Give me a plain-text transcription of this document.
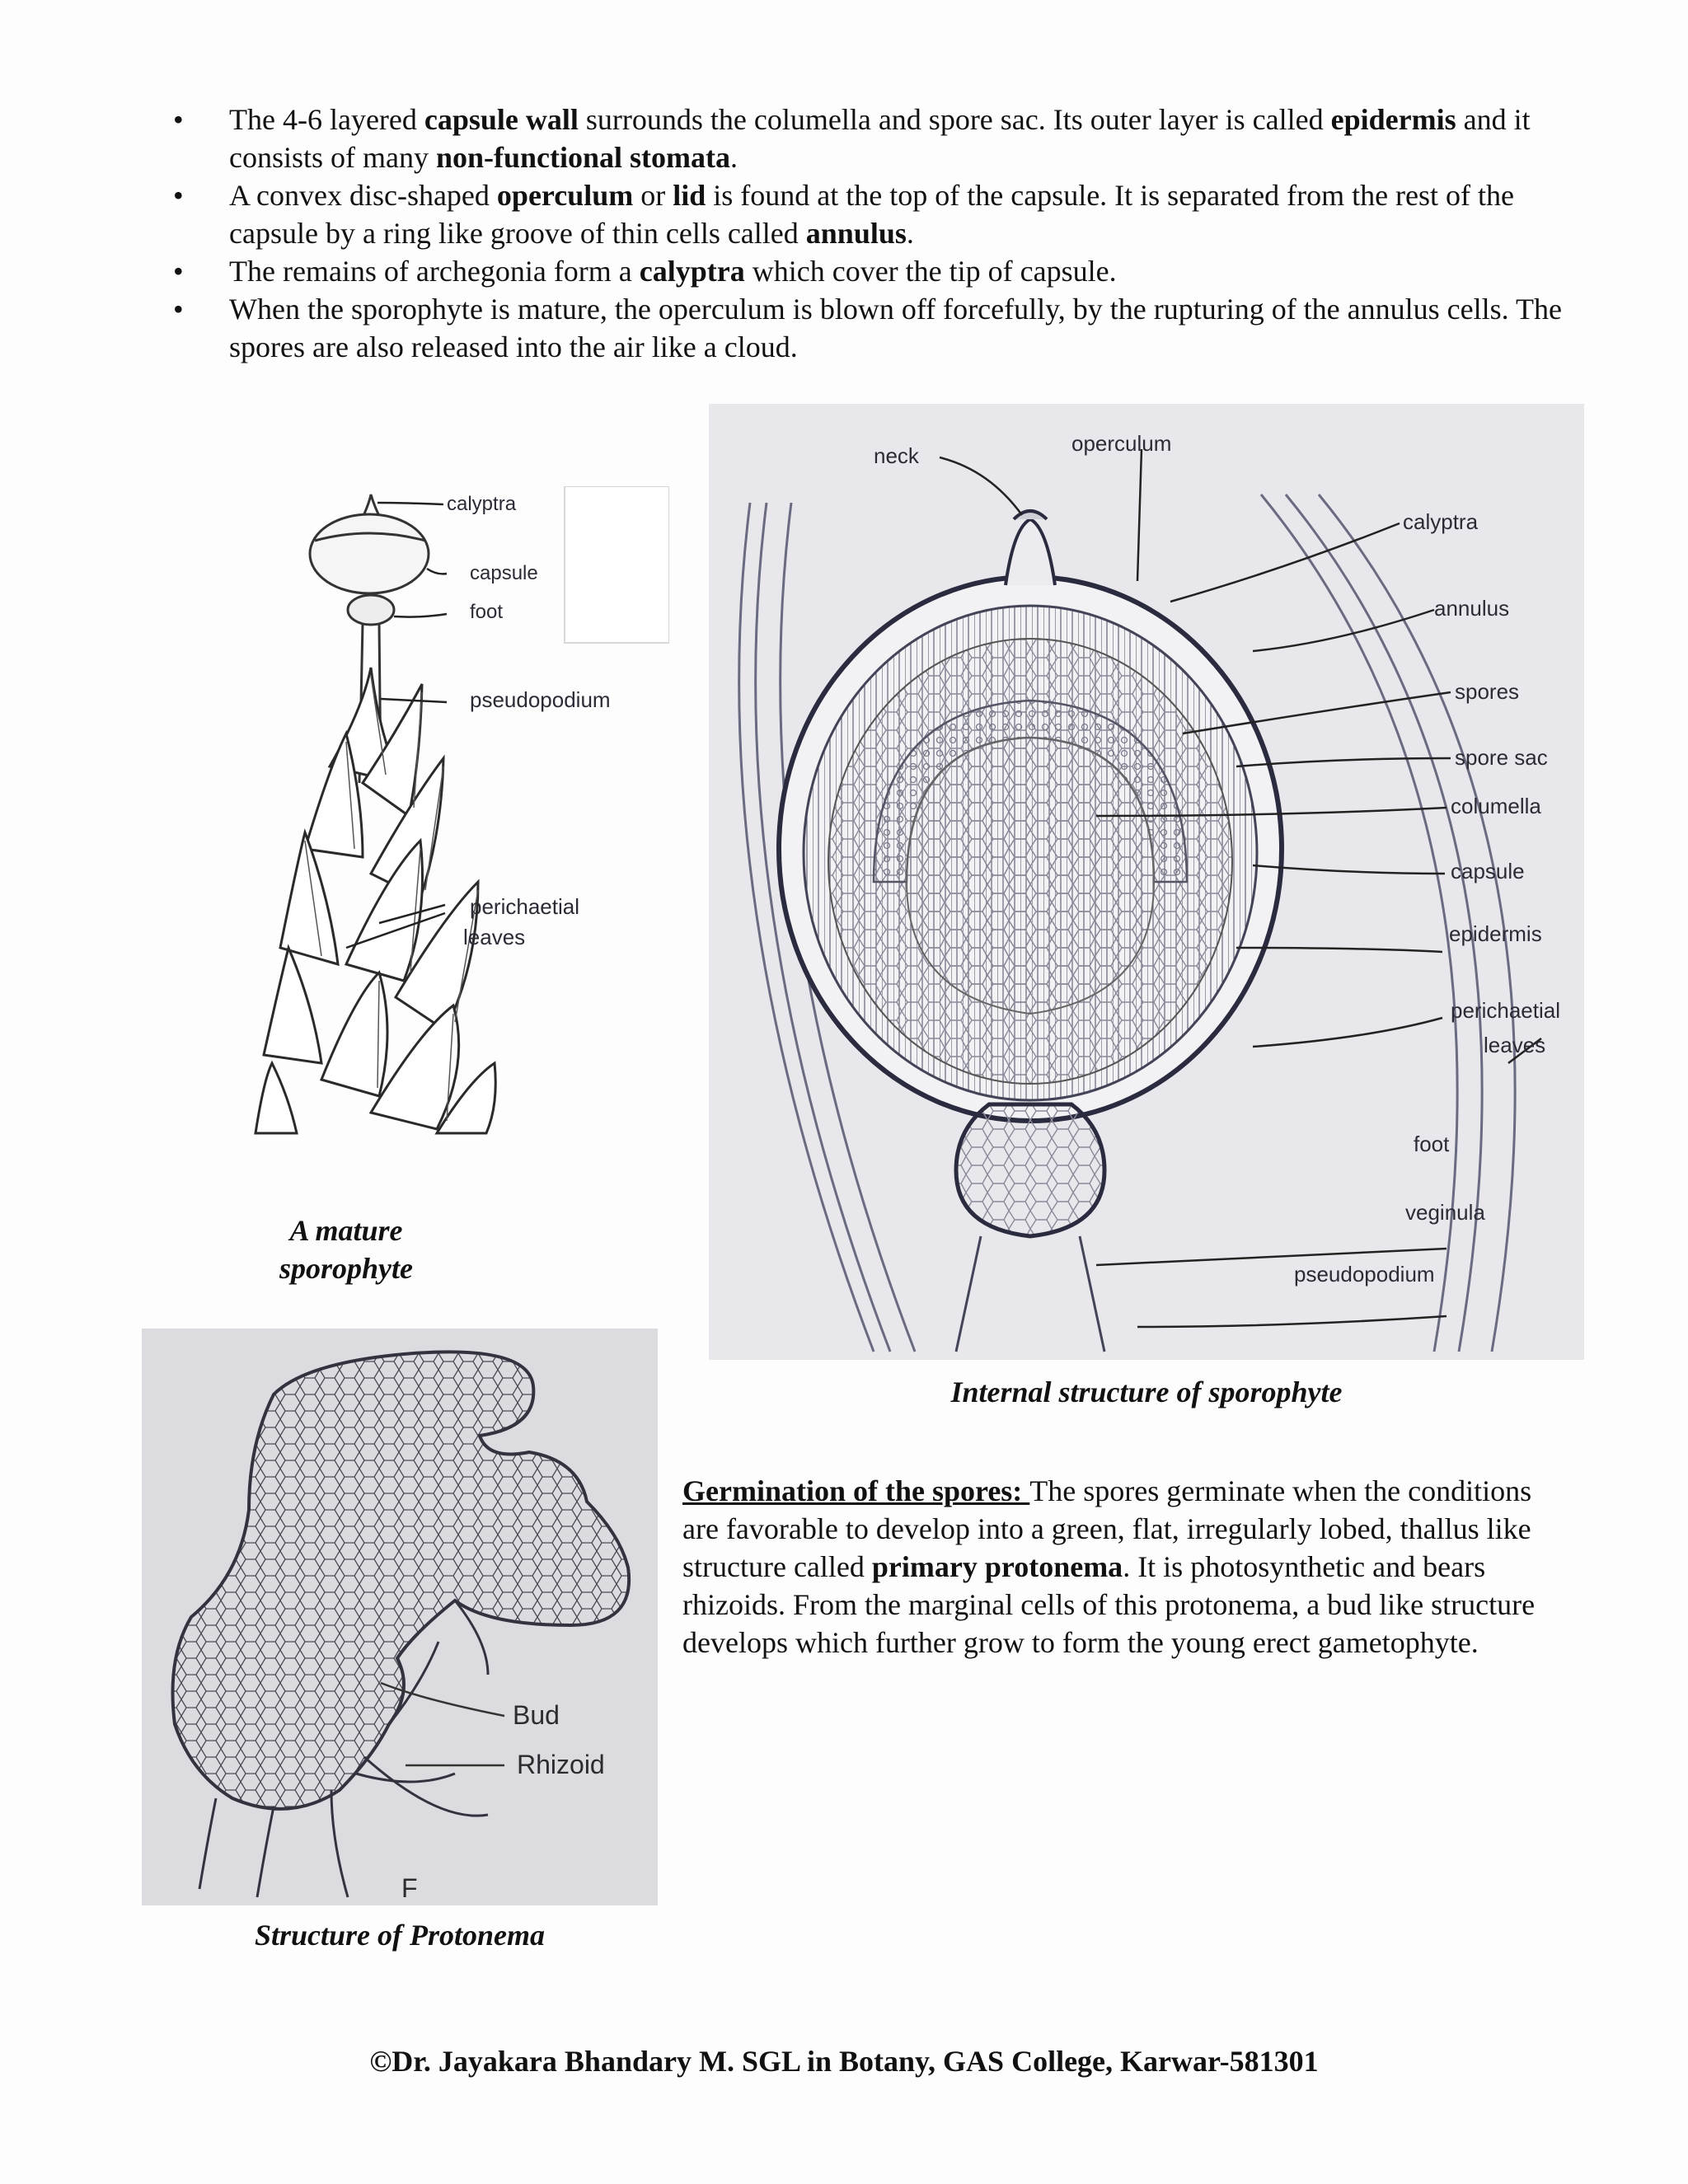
• The 4-6 layered capsule wall surrounds the columella and spore sac. Its outer layer is called epidermis and it consists of many non-functional stomata.
• A convex disc-shaped operculum or lid is found at the top of the capsule. It is separated from the rest of the capsule by a ring like groove of thin cells called annulus.
• The remains of archegonia form a calyptra which cover the tip of capsule.
• When the sporophyte is mature, the operculum is blown off forcefully, by the rupturing of the annulus cells. The spores are also released into the air like a cloud.
calyptra
capsule
foot
pseudopodium
perichaetial
leaves
A mature
sporophyte
neck	operculum
calyptra
annulus
spores
spore sac
columella
capsule
epidermis
perichaetial
leaves
foot
veginula
pseudopodium
Internal structure of sporophyte
Bud
Rhizoid
F
Structure of Protonema
Germination of the spores: The spores germinate when the conditions are favorable to develop into a green, flat, irregularly lobed, thallus like structure called primary protonema. It is photosynthetic and bears rhizoids. From the marginal cells of this protonema, a bud like structure develops which further grow to form the young erect gametophyte.
©Dr. Jayakara Bhandary M. SGL in Botany, GAS College, Karwar-581301
